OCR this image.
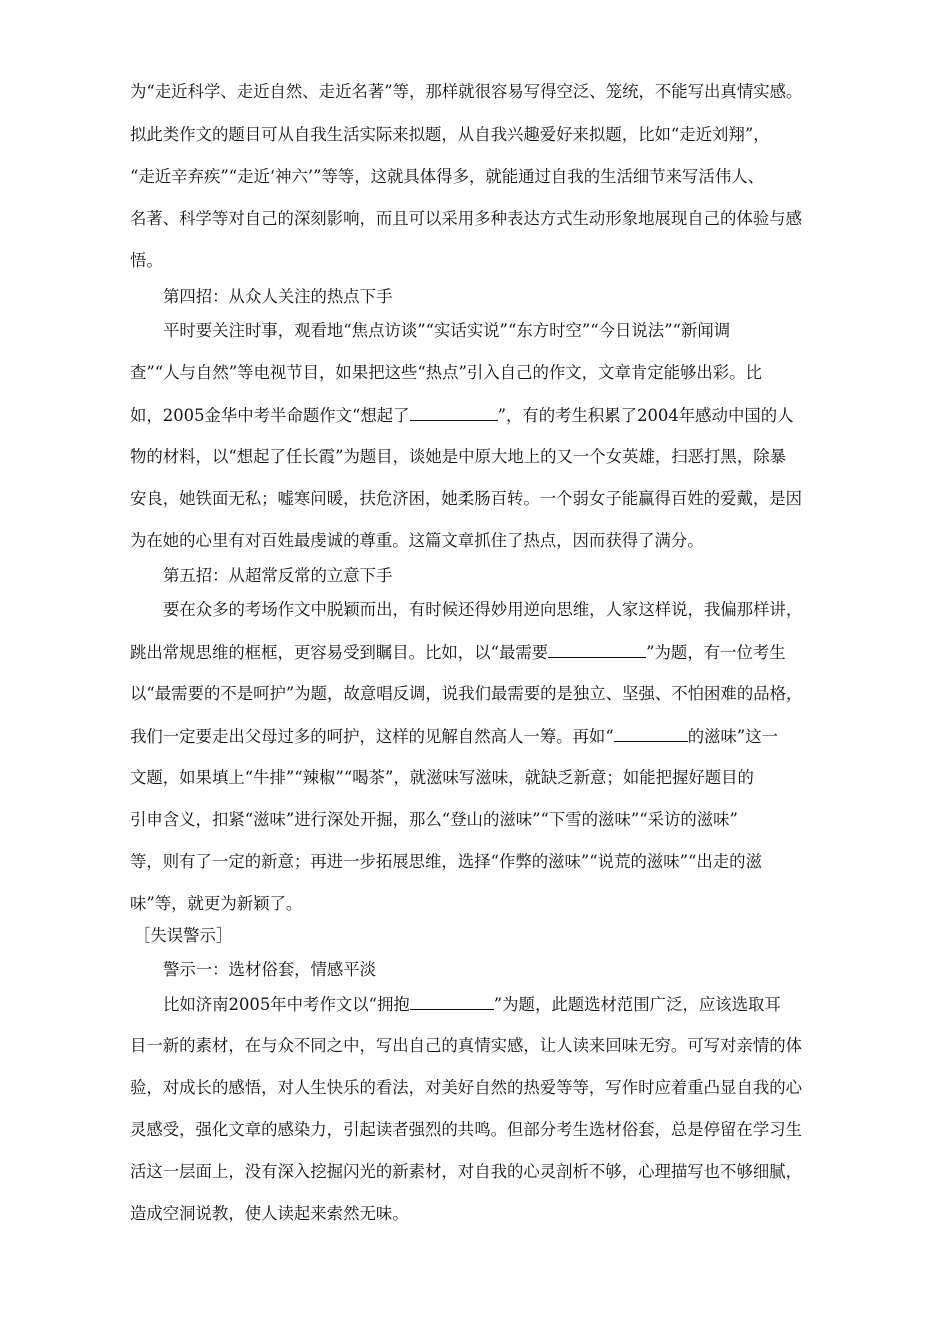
为“走近科学、走近自然、走近名著”等，那样就很容易写得空泛、笼统，不能写出真情实感。
拟此类作文的题目可从自我生活实际来拟题，从自我兴趣爱好来拟题，比如“走近刘翔”，
“走近辛弃疾”“走近‘神六’”等等，这就具体得多，就能通过自我的生活细节来写活伟人、
名著、科学等对自己的深刻影响，而且可以采用多种表达方式生动形象地展现自己的体验与感
悟。
第四招：从众人关注的热点下手
平时要关注时事，观看地“焦点访谈”“实话实说”“东方时空”“今日说法”“新闻调
查”“人与自然”等电视节目，如果把这些“热点”引入自己的作文，文章肯定能够出彩。比
如，2005金华中考半命题作文“想起了	”，有的考生积累了2004年感动中国的人
物的材料，以“想起了任长霞”为题目，谈她是中原大地上的又一个女英雄，扫恶打黑，除暴
安良，她铁面无私；嘘寒问暖，扶危济困，她柔肠百转。一个弱女子能赢得百姓的爱戴，是因
为在她的心里有对百姓最虔诚的尊重。这篇文章抓住了热点，因而获得了满分。
第五招：从超常反常的立意下手
要在众多的考场作文中脱颖而出，有时候还得妙用逆向思维，人家这样说，我偏那样讲，
跳出常规思维的框框，更容易受到瞩目。比如，以“最需要	”为题，有一位考生
以“最需要的不是呵护”为题，故意唱反调，说我们最需要的是独立、坚强、不怕困难的品格，
我们一定要走出父母过多的呵护，这样的见解自然高人一筹。再如“	的滋味”这一
文题，如果填上“牛排”“辣椒”“喝茶”，就滋味写滋味，就缺乏新意；如能把握好题目的
引申含义，扣紧“滋味”进行深处开掘，那么“登山的滋味”“下雪的滋味”“采访的滋味”
等，则有了一定的新意；再进一步拓展思维，选择“作弊的滋味”“说荒的滋味”“出走的滋
味”等，就更为新颖了。
［失误警示］
警示一：选材俗套，情感平淡
比如济南2005年中考作文以“拥抱	”为题，此题选材范围广泛，应该选取耳
目一新的素材，在与众不同之中，写出自己的真情实感，让人读来回味无穷。可写对亲情的体
验，对成长的感悟，对人生快乐的看法，对美好自然的热爱等等，写作时应着重凸显自我的心
灵感受，强化文章的感染力，引起读者强烈的共鸣。但部分考生选材俗套，总是停留在学习生
活这一层面上，没有深入挖掘闪光的新素材，对自我的心灵剖析不够，心理描写也不够细腻，
造成空洞说教，使人读起来索然无味。
